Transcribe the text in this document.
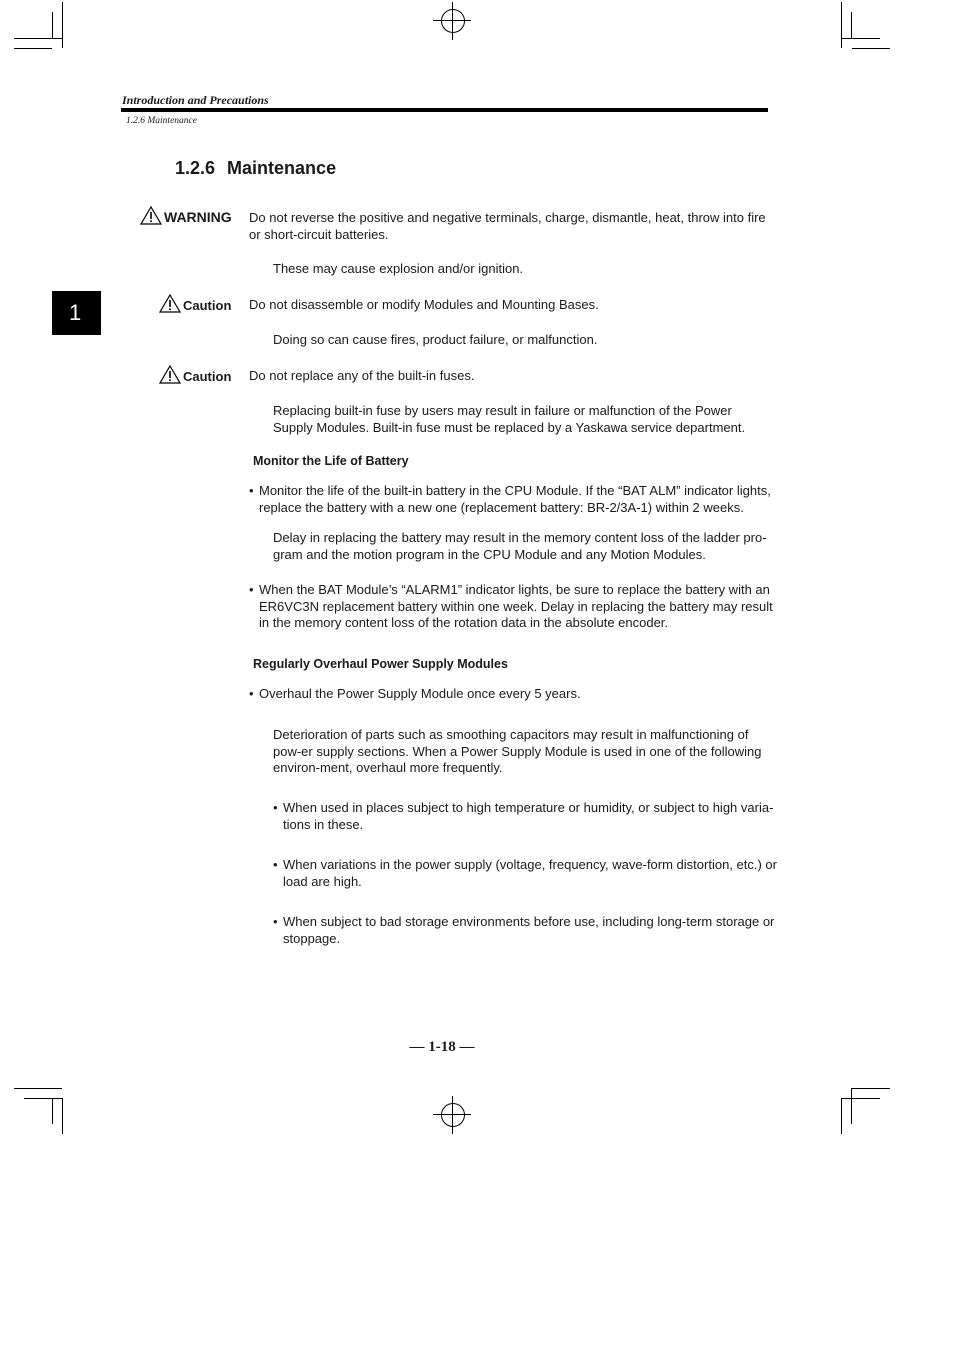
Introduction and Precautions
1.2.6 Maintenance
1
1.2.6 Maintenance
WARNING Do not reverse the positive and negative terminals, charge, dismantle, heat, throw into fire or short-circuit batteries.
These may cause explosion and/or ignition.
Caution Do not disassemble or modify Modules and Mounting Bases.
Doing so can cause fires, product failure, or malfunction.
Caution Do not replace any of the built-in fuses.
Replacing built-in fuse by users may result in failure or malfunction of the Power Supply Modules. Built-in fuse must be replaced by a Yaskawa service department.
Monitor the Life of Battery
• Monitor the life of the built-in battery in the CPU Module. If the “BAT ALM” indicator lights, replace the battery with a new one (replacement battery: BR-2/3A-1) within 2 weeks.
Delay in replacing the battery may result in the memory content loss of the ladder pro-gram and the motion program in the CPU Module and any Motion Modules.
• When the BAT Module’s “ALARM1” indicator lights, be sure to replace the battery with an ER6VC3N replacement battery within one week. Delay in replacing the battery may result in the memory content loss of the rotation data in the absolute encoder.
Regularly Overhaul Power Supply Modules
• Overhaul the Power Supply Module once every 5 years.
Deterioration of parts such as smoothing capacitors may result in malfunctioning of pow-er supply sections. When a Power Supply Module is used in one of the following environ-ment, overhaul more frequently.
• When used in places subject to high temperature or humidity, or subject to high varia-tions in these.
• When variations in the power supply (voltage, frequency, wave-form distortion, etc.) or load are high.
• When subject to bad storage environments before use, including long-term storage or stoppage.
— 1-18 —
